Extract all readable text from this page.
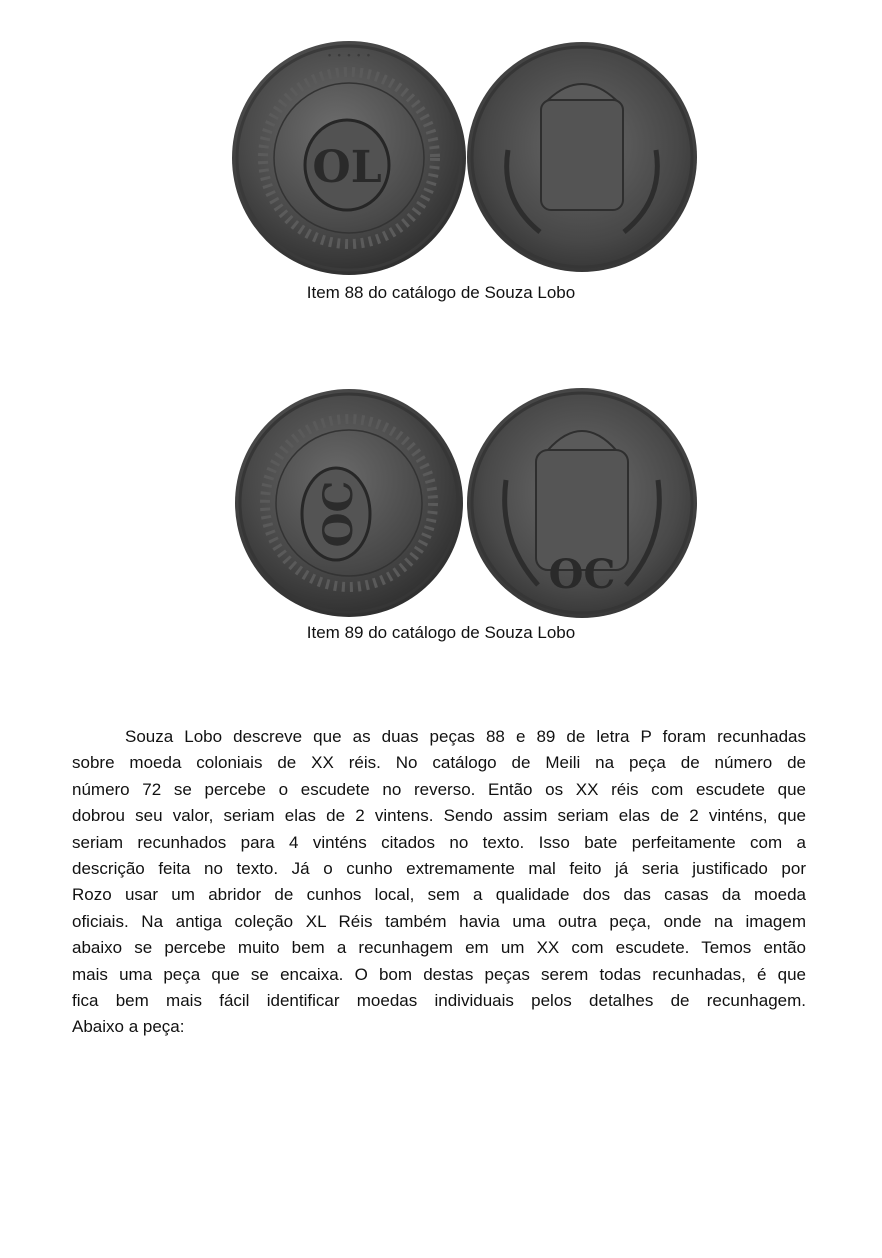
OL
· · · · ·
Item 88 do catálogo de Souza Lobo
OC
OC
Item 89 do catálogo de Souza Lobo

Souza Lobo descreve que as duas peças 88 e 89 de letra P foram recunhadas
sobre moeda coloniais de XX réis. No catálogo de Meili na peça de número de
número 72 se percebe o escudete no reverso. Então os XX réis com escudete que
dobrou seu valor, seriam elas de 2 vintens. Sendo assim seriam elas de 2 vinténs, que
seriam recunhados para 4 vinténs citados no texto. Isso bate perfeitamente com a
descrição feita no texto. Já o cunho extremamente mal feito já seria justificado por
Rozo usar um abridor de cunhos local, sem a qualidade dos das casas da moeda
oficiais. Na antiga coleção XL Réis também havia uma outra peça, onde na imagem
abaixo se percebe muito bem a recunhagem em um XX com escudete. Temos então
mais uma peça que se encaixa. O bom destas peças serem todas recunhadas, é que
fica bem mais fácil identificar moedas individuais pelos detalhes de recunhagem.
Abaixo a peça:
